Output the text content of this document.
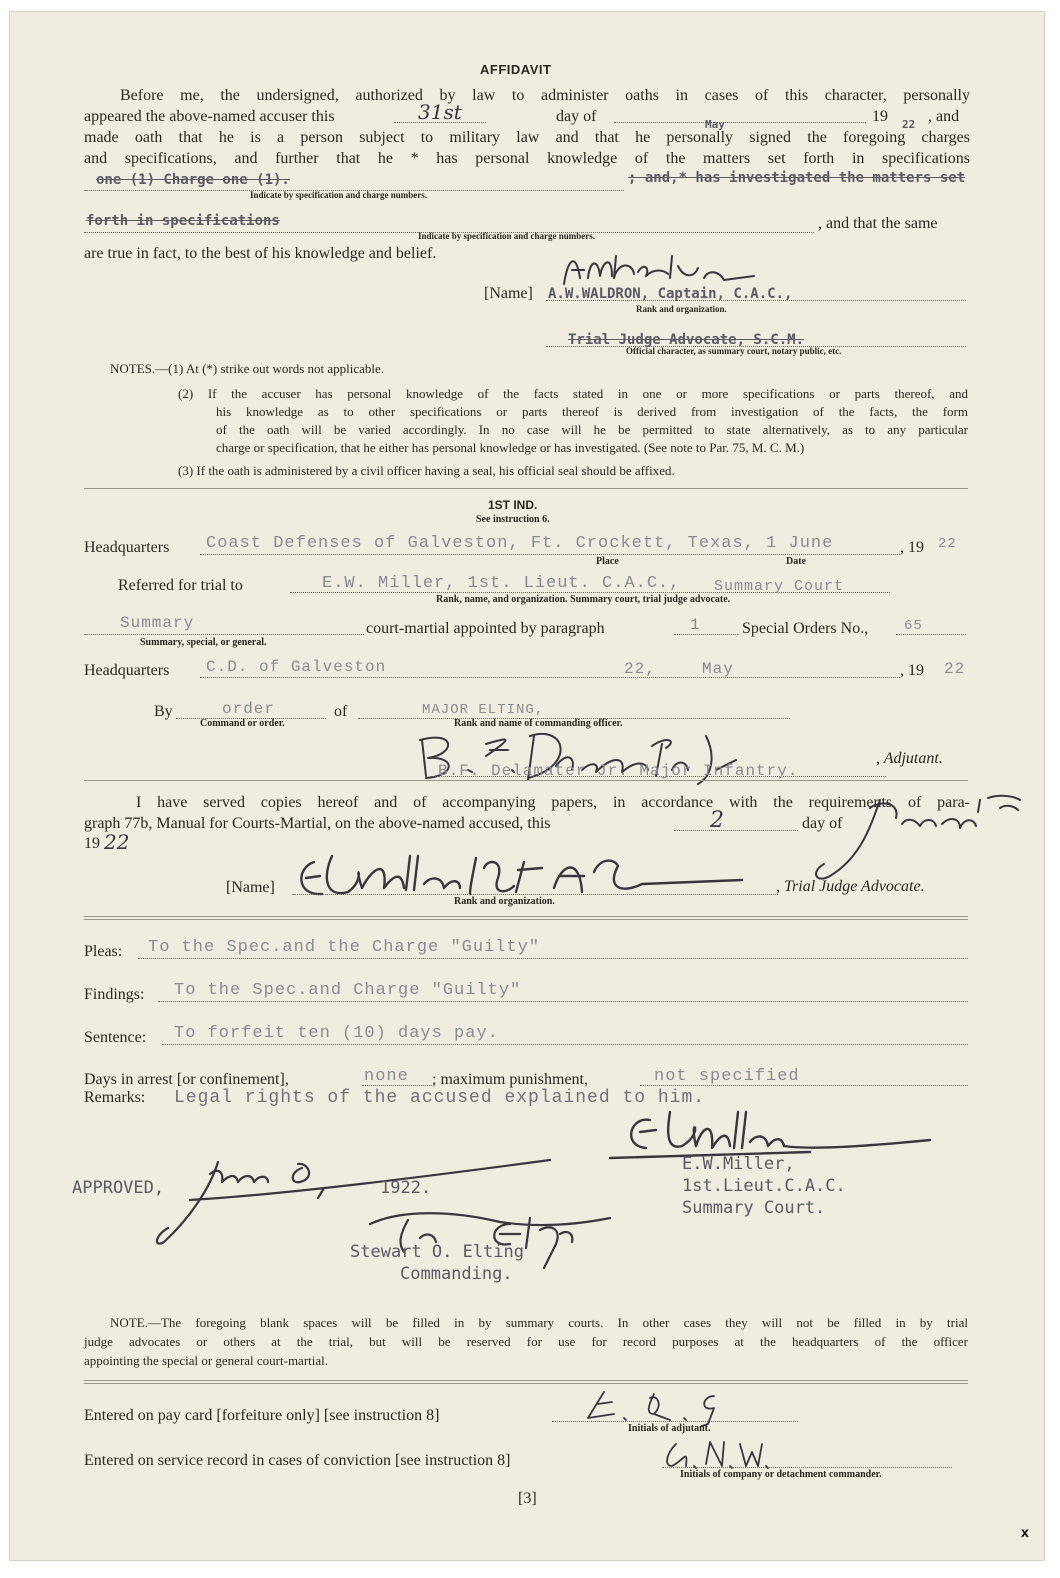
AFFIDAVIT
Before me, the undersigned, authorized by law to administer oaths in cases of this character, personally
appeared the above-named accuser this	31st	day of	19	, and
made oath that he is a person subject to military law and that he personally signed the foregoing charges
May	22
and specifications, and further that he * has personal knowledge of the matters set forth in specifications
one (1) Charge one (1).
Indicate by specification and charge numbers.
; and,* has investigated the matters set
forth in specifications
Indicate by specification and charge numbers.
, and that the same
are true in fact, to the best of his knowledge and belief.
[Name] A.W.WALDRON, Captain, C.A.C.,
Rank and organization.
Trial Judge Advocate, S.C.M.
Official character, as summary court, notary public, etc.
NOTES.—(1) At (*) strike out words not applicable.
(2) If the accuser has personal knowledge of the facts stated in one or more specifications or parts thereof, and
his knowledge as to other specifications or parts thereof is derived from investigation of the facts, the form
of the oath will be varied accordingly. In no case will he be permitted to state alternatively, as to any particular
charge or specification, that he either has personal knowledge or has investigated. (See note to Par. 75, M. C. M.)
(3) If the oath is administered by a civil officer having a seal, his official seal should be affixed.
1ST IND.
See instruction 6.
Headquarters Coast Defenses of Galveston, Ft. Crockett, Texas, 1 June	, 19 22
Place	Date
Referred for trial to	E.W. Miller, 1st. Lieut. C.A.C., Summary Court
Rank, name, and organization. Summary court, trial judge advocate.
Summary
Summary, special, or general.
court-martial appointed by paragraph	1	Special Orders No.,	65
Headquarters C.D. of Galveston	22,	May	, 19 22
By	order
Command or order.
of	MAJOR ELTING,
Rank and name of commanding officer.
B.F. Delamater Jr. Major Infantry.
, Adjutant.
I have served copies hereof and of accompanying papers, in accordance with the requirements of para-
graph 77b, Manual for Courts-Martial, on the above-named accused, this	2	day of
19 22
[Name]
Rank and organization.
, Trial Judge Advocate.
Pleas: To the Spec.and the Charge "Guilty"
Findings: To the Spec.and Charge "Guilty"
Sentence: To forfeit ten (10) days pay.
Days in arrest [or confinement],	none ; maximum punishment,	not specified
Remarks: Legal rights of the accused explained to him.
E.W.Miller,
1st.Lieut.C.A.C.
Summary Court.
APPROVED,	1922.
Stewart O. Elting
Commanding.
NOTE.—The foregoing blank spaces will be filled in by summary courts. In other cases they will not be filled in by trial
judge advocates or others at the trial, but will be reserved for use for record purposes at the headquarters of the officer
appointing the special or general court-martial.
Entered on pay card [forfeiture only] [see instruction 8]
Initials of adjutant.
Entered on service record in cases of conviction [see instruction 8]
Initials of company or detachment commander.
[3]
x
